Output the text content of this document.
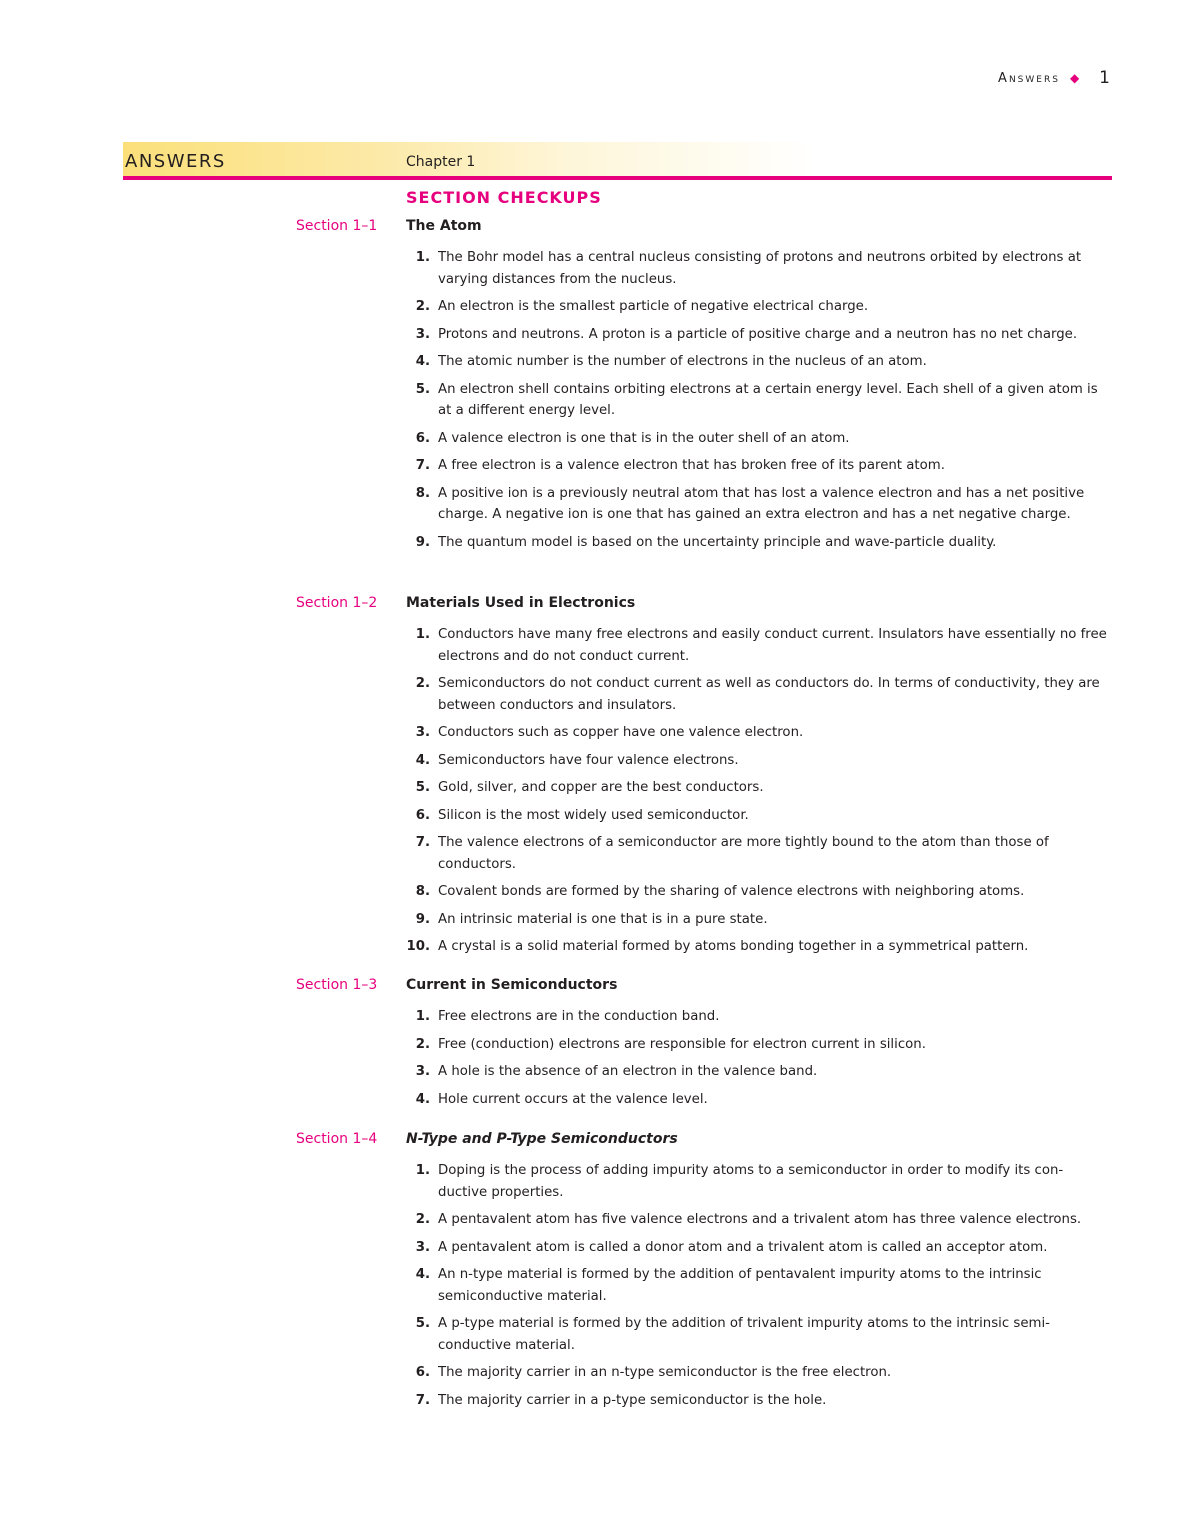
Answers ◆ 1
ANSWERS	Chapter 1
SECTION CHECKUPS
Section 1–1 The Atom
1. The Bohr model has a central nucleus consisting of protons and neutrons orbited by electrons at varying distances from the nucleus.
2. An electron is the smallest particle of negative electrical charge.
3. Protons and neutrons. A proton is a particle of positive charge and a neutron has no net charge.
4. The atomic number is the number of electrons in the nucleus of an atom.
5. An electron shell contains orbiting electrons at a certain energy level. Each shell of a given atom is at a different energy level.
6. A valence electron is one that is in the outer shell of an atom.
7. A free electron is a valence electron that has broken free of its parent atom.
8. A positive ion is a previously neutral atom that has lost a valence electron and has a net positive charge. A negative ion is one that has gained an extra electron and has a net negative charge.
9. The quantum model is based on the uncertainty principle and wave-particle duality.
Section 1–2 Materials Used in Electronics
1. Conductors have many free electrons and easily conduct current. Insulators have essentially no free electrons and do not conduct current.
2. Semiconductors do not conduct current as well as conductors do. In terms of conductivity, they are between conductors and insulators.
3. Conductors such as copper have one valence electron.
4. Semiconductors have four valence electrons.
5. Gold, silver, and copper are the best conductors.
6. Silicon is the most widely used semiconductor.
7. The valence electrons of a semiconductor are more tightly bound to the atom than those of conductors.
8. Covalent bonds are formed by the sharing of valence electrons with neighboring atoms.
9. An intrinsic material is one that is in a pure state.
10. A crystal is a solid material formed by atoms bonding together in a symmetrical pattern.
Section 1–3 Current in Semiconductors
1. Free electrons are in the conduction band.
2. Free (conduction) electrons are responsible for electron current in silicon.
3. A hole is the absence of an electron in the valence band.
4. Hole current occurs at the valence level.
Section 1–4 N-Type and P-Type Semiconductors
1. Doping is the process of adding impurity atoms to a semiconductor in order to modify its con-ductive properties.
2. A pentavalent atom has five valence electrons and a trivalent atom has three valence electrons.
3. A pentavalent atom is called a donor atom and a trivalent atom is called an acceptor atom.
4. An n-type material is formed by the addition of pentavalent impurity atoms to the intrinsic semiconductive material.
5. A p-type material is formed by the addition of trivalent impurity atoms to the intrinsic semi-conductive material.
6. The majority carrier in an n-type semiconductor is the free electron.
7. The majority carrier in a p-type semiconductor is the hole.
